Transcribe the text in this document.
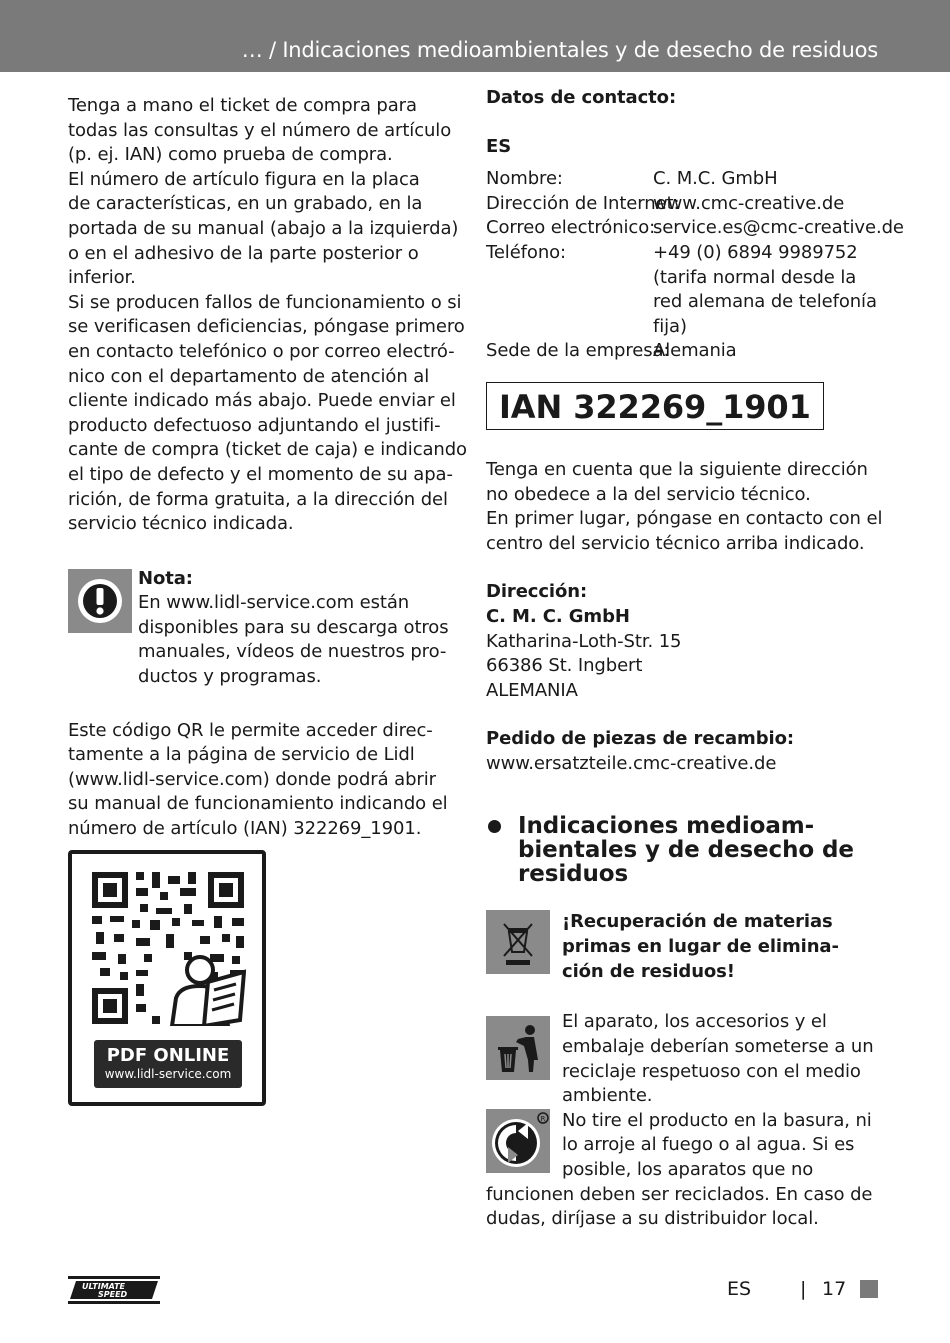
… / Indicaciones medioambientales y de desecho de residuos

Tenga a mano el ticket de compra para
todas las consultas y el número de artículo
(p. ej. IAN) como prueba de compra.
El número de artículo figura en la placa
de características, en un grabado, en la
portada de su manual (abajo a la izquierda)
o en el adhesivo de la parte posterior o
inferior.
Si se producen fallos de funcionamiento o si
se verificasen deficiencias, póngase primero
en contacto telefónico o por correo electró-
nico con el departamento de atención al
cliente indicado más abajo. Puede enviar el
producto defectuoso adjuntando el justifi-
cante de compra (ticket de caja) e indicando
el tipo de defecto y el momento de su apa-
rición, de forma gratuita, a la dirección del
servicio técnico indicada.

Nota:
En www.lidl-service.com están
disponibles para su descarga otros
manuales, vídeos de nuestros pro-
ductos y programas.

Este código QR le permite acceder direc-
tamente a la página de servicio de Lidl
(www.lidl-service.com) donde podrá abrir
su manual de funcionamiento indicando el
número de artículo (IAN) 322269_1901.

PDF ONLINE
www.lidl-service.com

Datos de contacto:

ES

Nombre:	C. M.C. GmbH
Dirección de Internet:
www.cmc-creative.de
Correo electrónico:
service.es@cmc-creative.de
Teléfono:	+49 (0) 6894 9989752
(tarifa normal desde la
red alemana de telefonía
fija)
Sede de la empresa:
Alemania
IAN 322269_1901

Tenga en cuenta que la siguiente dirección
no obedece a la del servicio técnico.
En primer lugar, póngase en contacto con el
centro del servicio técnico arriba indicado.

Dirección:
C. M. C. GmbH
Katharina-Loth-Str. 15
66386 St. Ingbert
ALEMANIA

Pedido de piezas de recambio:
www.ersatzteile.cmc-creative.de

Indicaciones medioam-
bientales y de desecho de
residuos
¡Recuperación de materias
primas en lugar de elimina-
ción de residuos!
El aparato, los accesorios y el
embalaje deberían someterse a un
reciclaje respetuoso con el medio
ambiente.
R No tire el producto en la basura, ni
lo arroje al fuego o al agua. Si es
posible, los aparatos que no
funcionen deben ser reciclados. En caso de
dudas, diríjase a su distribuidor local.
ULTIMATE
SPEED	ES	| 17
